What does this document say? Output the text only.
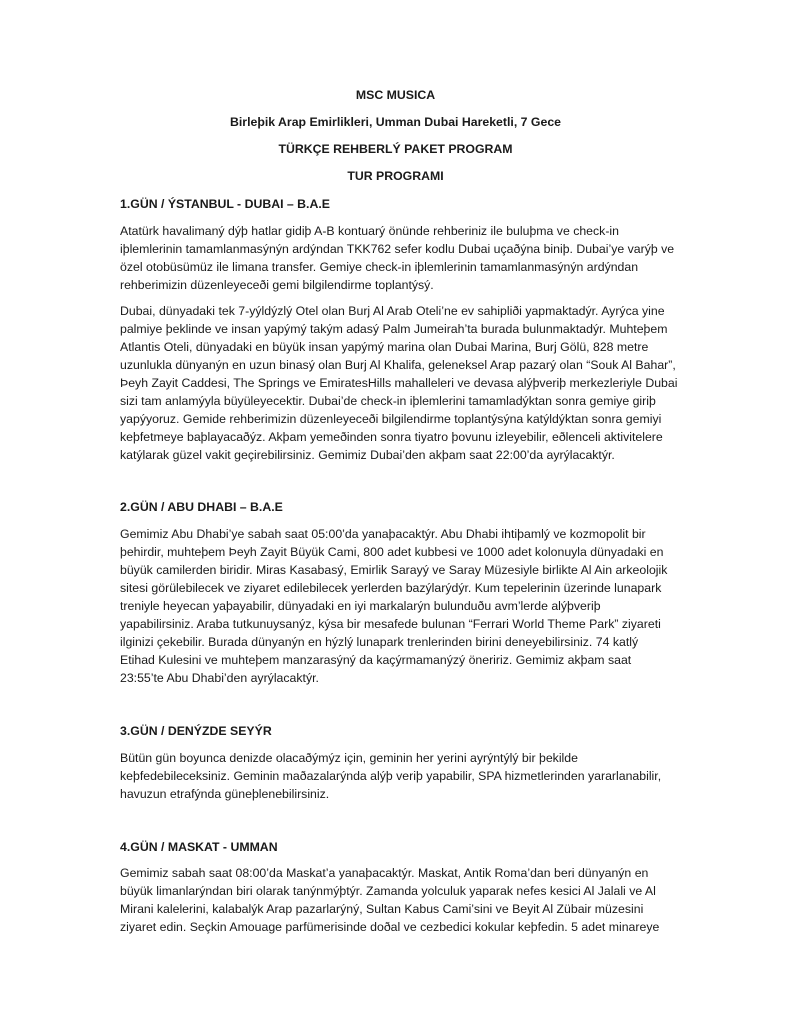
MSC MUSICA
Birleþik Arap Emirlikleri, Umman Dubai Hareketli, 7 Gece
TÜRKÇE REHBERLÝ PAKET PROGRAM
TUR PROGRAMI
1.GÜN / ÝSTANBUL - DUBAI – B.A.E
Atatürk havalimaný dýþ hatlar gidiþ A-B kontuarý önünde rehberiniz ile buluþma ve check-in
iþlemlerinin tamamlanmasýnýn ardýndan TKK762 sefer kodlu Dubai uçaðýna biniþ. Dubai’ye varýþ ve
özel otobüsümüz ile limana transfer. Gemiye check-in iþlemlerinin tamamlanmasýnýn ardýndan
rehberimizin düzenleyeceði gemi bilgilendirme toplantýsý.
Dubai, dünyadaki tek 7-yýldýzlý Otel olan Burj Al Arab Oteli’ne ev sahipliði yapmaktadýr. Ayrýca yine
palmiye þeklinde ve insan yapýmý takým adasý Palm Jumeirah’ta burada bulunmaktadýr. Muhteþem
Atlantis Oteli, dünyadaki en büyük insan yapýmý marina olan Dubai Marina, Burj Gölü, 828 metre
uzunlukla dünyanýn en uzun binasý olan Burj Al Khalifa, geleneksel Arap pazarý olan “Souk Al Bahar”,
Þeyh Zayit Caddesi, The Springs ve EmiratesHills mahalleleri ve devasa alýþveriþ merkezleriyle Dubai
sizi tam anlamýyla büyüleyecektir. Dubai’de check-in iþlemlerini tamamladýktan sonra gemiye giriþ
yapýyoruz. Gemide rehberimizin düzenleyeceði bilgilendirme toplantýsýna katýldýktan sonra gemiyi
keþfetmeye baþlayacaðýz. Akþam yemeðinden sonra tiyatro þovunu izleyebilir, eðlenceli aktivitelere
katýlarak güzel vakit geçirebilirsiniz. Gemimiz Dubai’den akþam saat 22:00’da ayrýlacaktýr.
2.GÜN / ABU DHABI – B.A.E
Gemimiz Abu Dhabi’ye sabah saat 05:00’da yanaþacaktýr. Abu Dhabi ihtiþamlý ve kozmopolit bir
þehirdir, muhteþem Þeyh Zayit Büyük Cami, 800 adet kubbesi ve 1000 adet kolonuyla dünyadaki en
büyük camilerden biridir. Miras Kasabasý, Emirlik Sarayý ve Saray Müzesiyle birlikte Al Ain arkeolojik
sitesi görülebilecek ve ziyaret edilebilecek yerlerden bazýlarýdýr. Kum tepelerinin üzerinde lunapark
treniyle heyecan yaþayabilir, dünyadaki en iyi markalarýn bulunduðu avm’lerde alýþveriþ
yapabilirsiniz. Araba tutkunuysanýz, kýsa bir mesafede bulunan “Ferrari World Theme Park” ziyareti
ilginizi çekebilir. Burada dünyanýn en hýzlý lunapark trenlerinden birini deneyebilirsiniz. 74 katlý
Etihad Kulesini ve muhteþem manzarasýný da kaçýrmamanýzý öneririz. Gemimiz akþam saat
23:55’te Abu Dhabi’den ayrýlacaktýr.
3.GÜN / DENÝZDE SEYÝR
Bütün gün boyunca denizde olacaðýmýz için, geminin her yerini ayrýntýlý bir þekilde
keþfedebileceksiniz. Geminin maðazalarýnda alýþ veriþ yapabilir, SPA hizmetlerinden yararlanabilir,
havuzun etrafýnda güneþlenebilirsiniz.
4.GÜN / MASKAT - UMMAN
Gemimiz sabah saat 08:00’da Maskat’a yanaþacaktýr. Maskat, Antik Roma’dan beri dünyanýn en
büyük limanlarýndan biri olarak tanýnmýþtýr. Zamanda yolculuk yaparak nefes kesici Al Jalali ve Al
Mirani kalelerini, kalabalýk Arap pazarlarýný, Sultan Kabus Cami’sini ve Beyit Al Zübair müzesini
ziyaret edin. Seçkin Amouage parfümerisinde doðal ve cezbedici kokular keþfedin. 5 adet minareye
